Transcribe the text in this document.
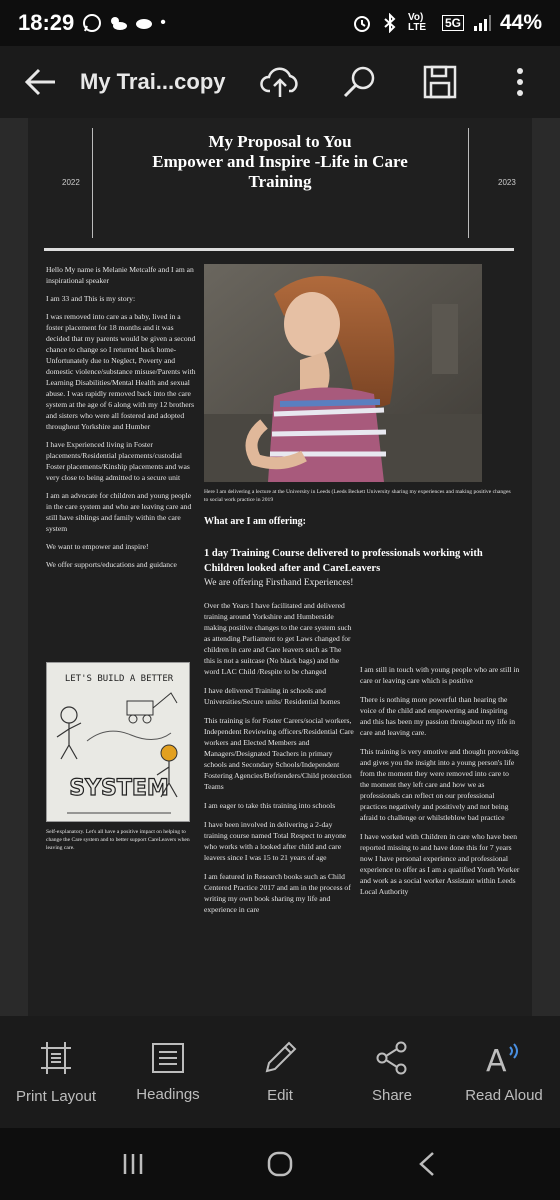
18:29	•	Vo) LTE	5G 44%
My Trai...copy
2022
My Proposal to You
Empower and Inspire -Life in Care
Training	2023

Hello My name is Melanie Metcalfe and I am an inspirational speaker

I am 33 and This is my story:

I was removed into care as a baby, lived in a foster placement for 18 months and it was decided that my parents would be given a second chance to change so I returned back home- Unfortunately due to Neglect, Poverty and domestic violence/substance misuse/Parents with Learning Disabilities/Mental Health and sexual abuse. I was rapidly removed back into the care system at the age of 6 along with my 12 brothers and sisters who were all fostered and adopted throughout Yorkshire and Humber

I have Experienced living in Foster placements/Residential placements/custodial Foster placements/Kinship placements and was very close to being admitted to a secure unit

I am an advocate for children and young people in the care system and who are leaving care and still have siblings and family within the care system

We want to empower and inspire!

We offer supports/educations and guidance

LET'S BUILD A BETTER
SYSTEM
Self-explanatory. Let's all have a positive impact on helping to change the Care system and to better support CareLeavers when leaving care.
Here I am delivering a lecture at the University in Leeds (Leeds Beckett University sharing my experiences and making positive changes to social work practice in 2019
What are I am offering:
1 day Training Course delivered to professionals working with Children looked after and CareLeavers
We are offering Firsthand Experiences!

Over the Years I have facilitated and delivered training around Yorkshire and Humberside making positive changes to the care system such as attending Parliament to get Laws changed for children in care and Care leavers such as The this is not a suitcase (No black bags) and the word LAC Child /Respite to be changed

I have delivered Training in schools and Universities/Secure units/ Residential homes

This training is for Foster Carers/social workers, Independent Reviewing officers/Residential Care workers and Elected Members and Managers/Designated Teachers in primary schools and Secondary Schools/Independent Fostering Agencies/Befrienders/Child protection Teams

I am eager to take this training into schools

I have been involved in delivering a 2-day training course named Total Respect to anyone who works with a looked after child and care leavers since I was 15 to 21 years of age

I am featured in Research books such as Child Centered Practice 2017 and am in the process of writing my own book sharing my life and experience in care

I am still in touch with young people who are still in care or leaving care which is positive

There is nothing more powerful than hearing the voice of the child and empowering and inspiring and this has been my passion throughout my life in care and leaving care.

This training is very emotive and thought provoking and gives you the insight into a young person's life from the moment they were removed into care to the moment they left care and how we as professionals can reflect on our professional practices negatively and positively and not being afraid to challenge or whilstleblow bad practice

I have worked with Children in care who have been reported missing to and have done this for 7 years now I have personal experience and professional experience to offer as I am a qualified Youth Worker and work as a social worker Assistant within Leeds Local Authority

Print Layout	Headings	Edit	Share
A
Read Aloud
